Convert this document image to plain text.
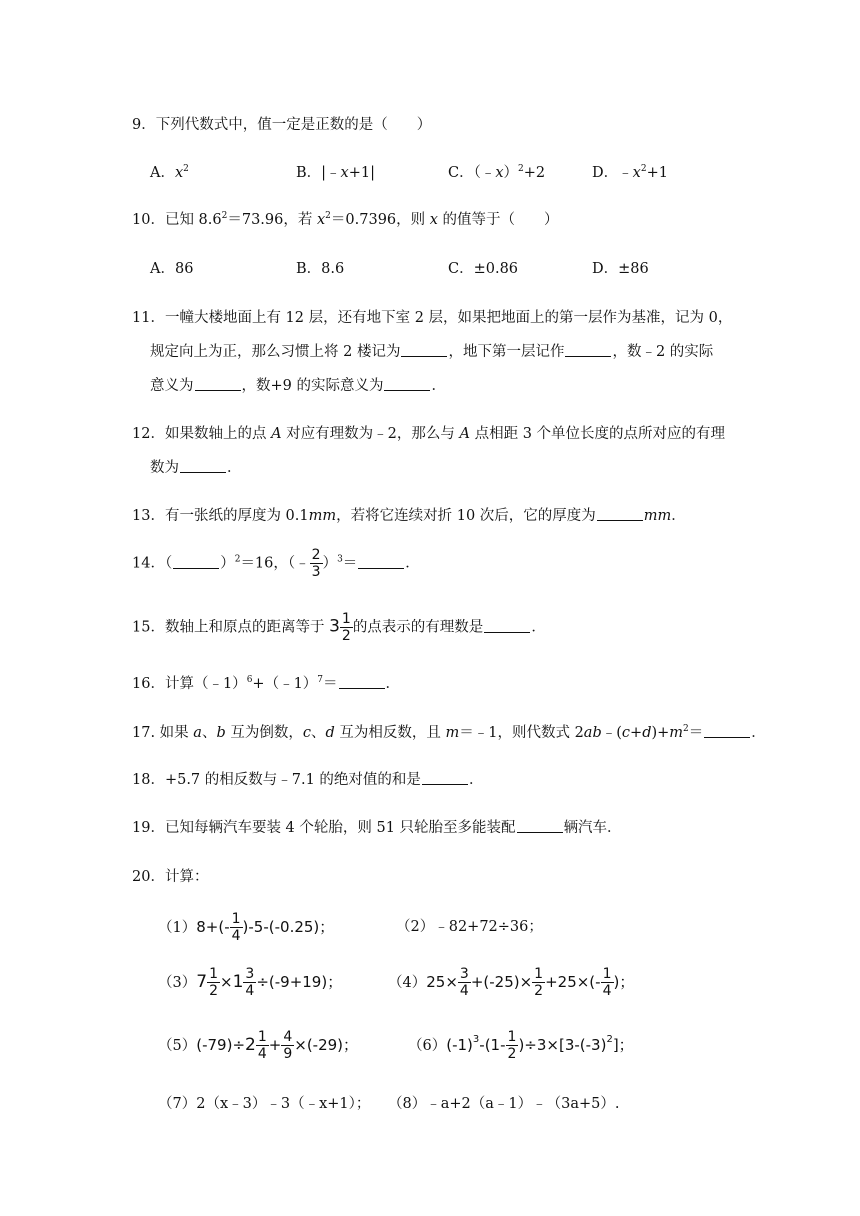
9．下列代数式中，值一定是正数的是（　　）
A．$x^2$	B．|﹣x+1|	C．（﹣x）$^2$+2	D．$﹣x^2+1$
10．已知 $8.6^2=73.96$，若 $x^2=0.7396$，则 x 的值等于（　　）
A．86	B．8.6	C．±0.86	D．±86
11．一幢大楼地面上有 12 层，还有地下室 2 层，如果把地面上的第一层作为基准，记为 0，
规定向上为正，那么习惯上将 2 楼记为	，地下第一层记作	，数﹣2 的实际
意义为	，数+9 的实际意义为	．
12．如果数轴上的点 A 对应有理数为﹣2，那么与 A 点相距 3 个单位长度的点所对应的有理
数为	．
13．有一张纸的厚度为 0.1mm，若将它连续对折 10 次后，它的厚度为	mm．
14．（	）$^2$＝16，（﹣ $\frac{2}{3} )^3=$	．
15．数轴上和原点的距离等于 $3 \frac{1}{2}$ 的点表示的有理数是	．
16．计算（﹣1）$^6$+（﹣1）$^7$＝	．
17. 如果 a、b 互为倒数，c、d 互为相反数，且 m＝﹣1，则代数式 $2ab﹣(c+d)+m^2=$	．
18．+5.7 的相反数与﹣7.1 的绝对值的和是	．
19．已知每辆汽车要装 4 个轮胎，则 51 只轮胎至多能装配	辆汽车．
20．计算：
$(1)8+(- \frac{1}{4} )-5-(-0.25)$；	（2）﹣82+72÷36；
$(3)7 \frac{1}{2} \times 1 \frac{3}{4} \div(-9+19)$；	$(4)25\times \frac{3}{4} +(-25)\times \frac{1}{2} +25\times(- \frac{1}{4}$ )；
$(5)(-79)\div 2 \frac{1}{4} + \frac{4}{9} \times(-29)$；	$(6)(-1)^3-(1- \frac{1}{2} )\div 3\times[3-(-3)^2]$；
（7）2（x﹣3）﹣3（﹣x+1）； （8）﹣a+2（a﹣1）﹣（3a+5）.
